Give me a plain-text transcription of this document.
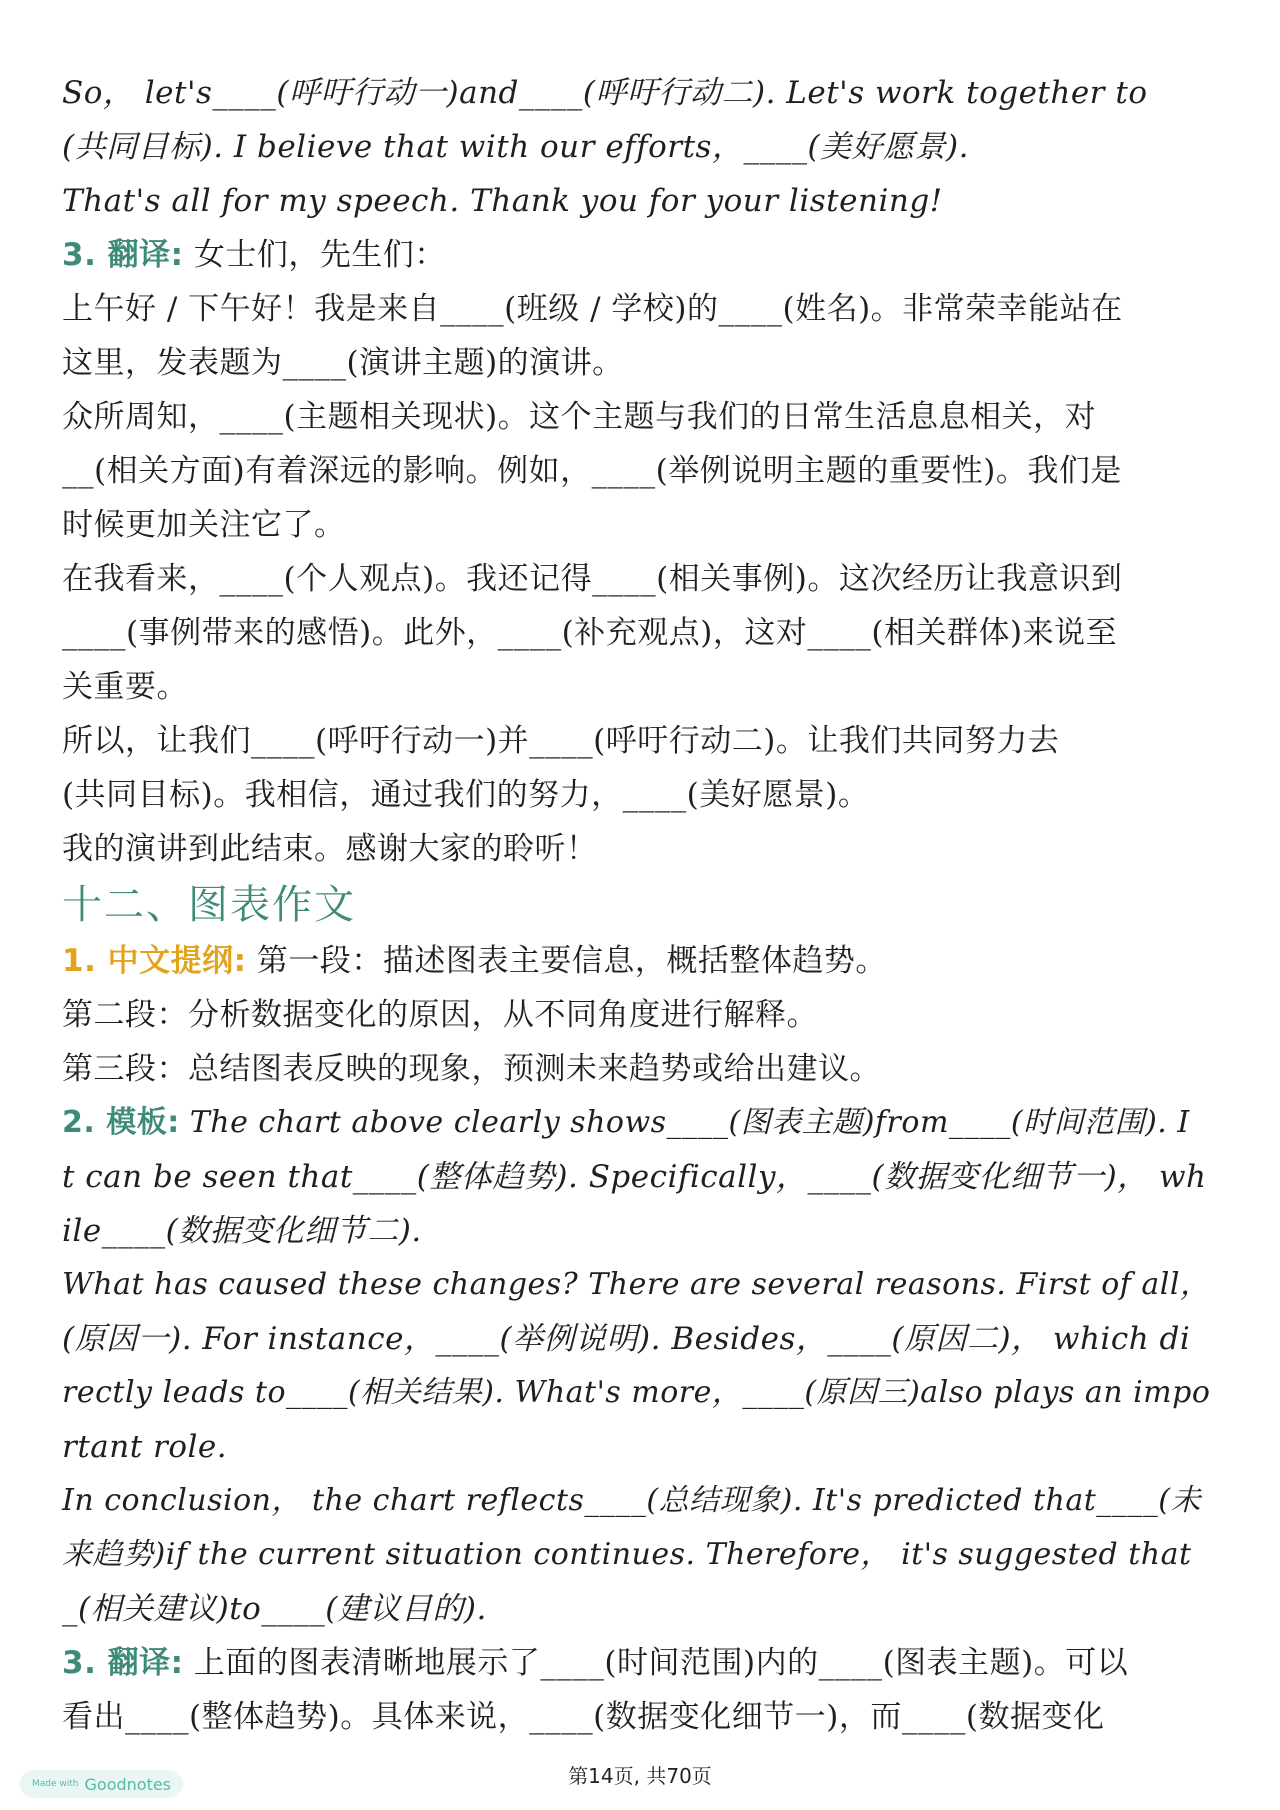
So， let's____(呼吁行动一)and____(呼吁行动二). Let's work together to
(共同目标). I believe that with our efforts，____(美好愿景).
That's all for my speech. Thank you for your listening!
3. 翻译: 女士们，先生们：
上午好 / 下午好！我是来自____(班级 / 学校)的____(姓名)。非常荣幸能站在
这里，发表题为____(演讲主题)的演讲。
众所周知，____(主题相关现状)。这个主题与我们的日常生活息息相关，对
__(相关方面)有着深远的影响。例如，____(举例说明主题的重要性)。我们是
时候更加关注它了。
在我看来，____(个人观点)。我还记得____(相关事例)。这次经历让我意识到
____(事例带来的感悟)。此外，____(补充观点)，这对____(相关群体)来说至
关重要。
所以，让我们____(呼吁行动一)并____(呼吁行动二)。让我们共同努力去
(共同目标)。我相信，通过我们的努力，____(美好愿景)。
我的演讲到此结束。感谢大家的聆听！
十二、图表作文
1. 中文提纲: 第一段：描述图表主要信息，概括整体趋势。
第二段：分析数据变化的原因，从不同角度进行解释。
第三段：总结图表反映的现象，预测未来趋势或给出建议。
2. 模板: The chart above clearly shows____(图表主题)from____(时间范围). I
t can be seen that____(整体趋势). Specifically，____(数据变化细节一)， wh
ile____(数据变化细节二).
What has caused these changes? There are several reasons. First of all，
(原因一). For instance，____(举例说明). Besides，____(原因二)， which di
rectly leads to____(相关结果). What's more，____(原因三)also plays an impo
rtant role.
In conclusion， the chart reflects____(总结现象). It's predicted that____(未
来趋势)if the current situation continues. Therefore， it's suggested that
_(相关建议)to____(建议目的).
3. 翻译: 上面的图表清晰地展示了____(时间范围)内的____(图表主题)。可以
看出____(整体趋势)。具体来说，____(数据变化细节一)，而____(数据变化
Made with Goodnotes	第14页, 共70页
